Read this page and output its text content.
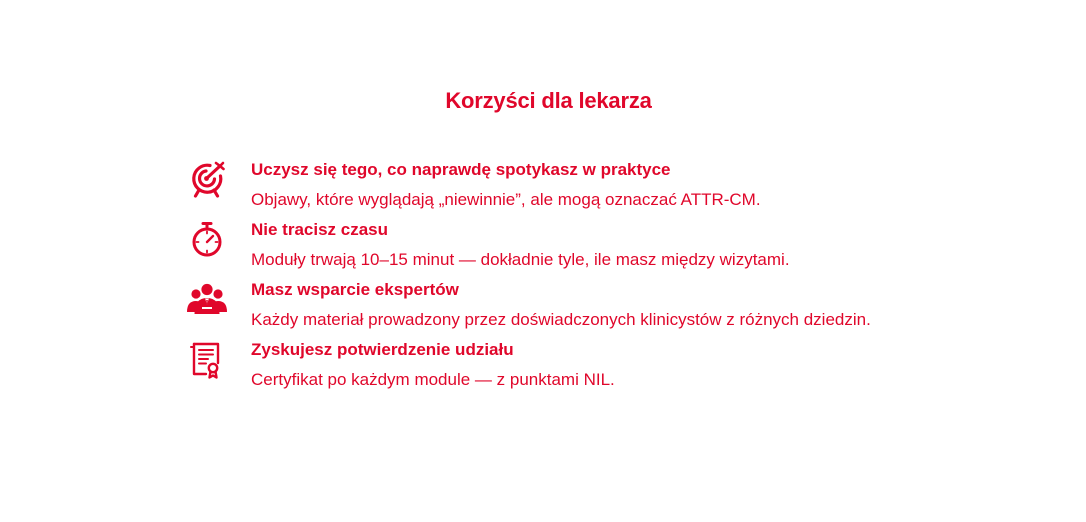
Korzyści dla lekarza
Uczysz się tego, co naprawdę spotykasz w praktyce
Objawy, które wyglądają „niewinnie”, ale mogą oznaczać ATTR-CM.
Nie tracisz czasu
Moduły trwają 10–15 minut — dokładnie tyle, ile masz między wizytami.
Masz wsparcie ekspertów
Każdy materiał prowadzony przez doświadczonych klinicystów z różnych dziedzin.
Zyskujesz potwierdzenie udziału
Certyfikat po każdym module — z punktami NIL.
